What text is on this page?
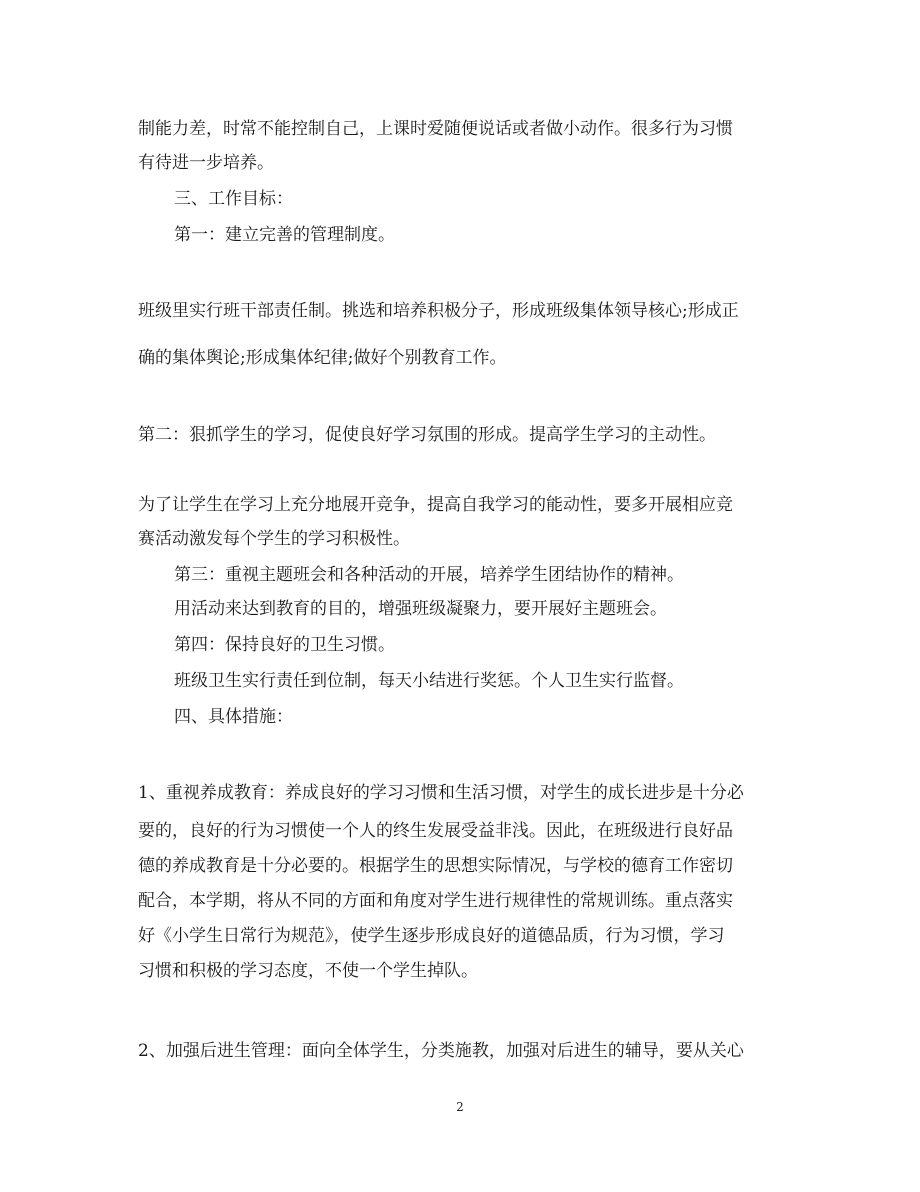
制能力差，时常不能控制自己，上课时爱随便说话或者做小动作。很多行为习惯
有待进一步培养。
三、工作目标：
第一：建立完善的管理制度。
班级里实行班干部责任制。挑选和培养积极分子，形成班级集体领导核心;形成正
确的集体舆论;形成集体纪律;做好个别教育工作。
第二：狠抓学生的学习，促使良好学习氛围的形成。提高学生学习的主动性。
为了让学生在学习上充分地展开竞争，提高自我学习的能动性，要多开展相应竞
赛活动激发每个学生的学习积极性。
第三：重视主题班会和各种活动的开展，培养学生团结协作的精神。
用活动来达到教育的目的，增强班级凝聚力，要开展好主题班会。
第四：保持良好的卫生习惯。
班级卫生实行责任到位制，每天小结进行奖惩。个人卫生实行监督。
四、具体措施：
1、重视养成教育：养成良好的学习习惯和生活习惯，对学生的成长进步是十分必
要的，良好的行为习惯使一个人的终生发展受益非浅。因此，在班级进行良好品
德的养成教育是十分必要的。根据学生的思想实际情况，与学校的德育工作密切
配合，本学期，将从不同的方面和角度对学生进行规律性的常规训练。重点落实
好《小学生日常行为规范》，使学生逐步形成良好的道德品质，行为习惯，学习
习惯和积极的学习态度，不使一个学生掉队。
2、加强后进生管理：面向全体学生，分类施教，加强对后进生的辅导，要从关心
2
